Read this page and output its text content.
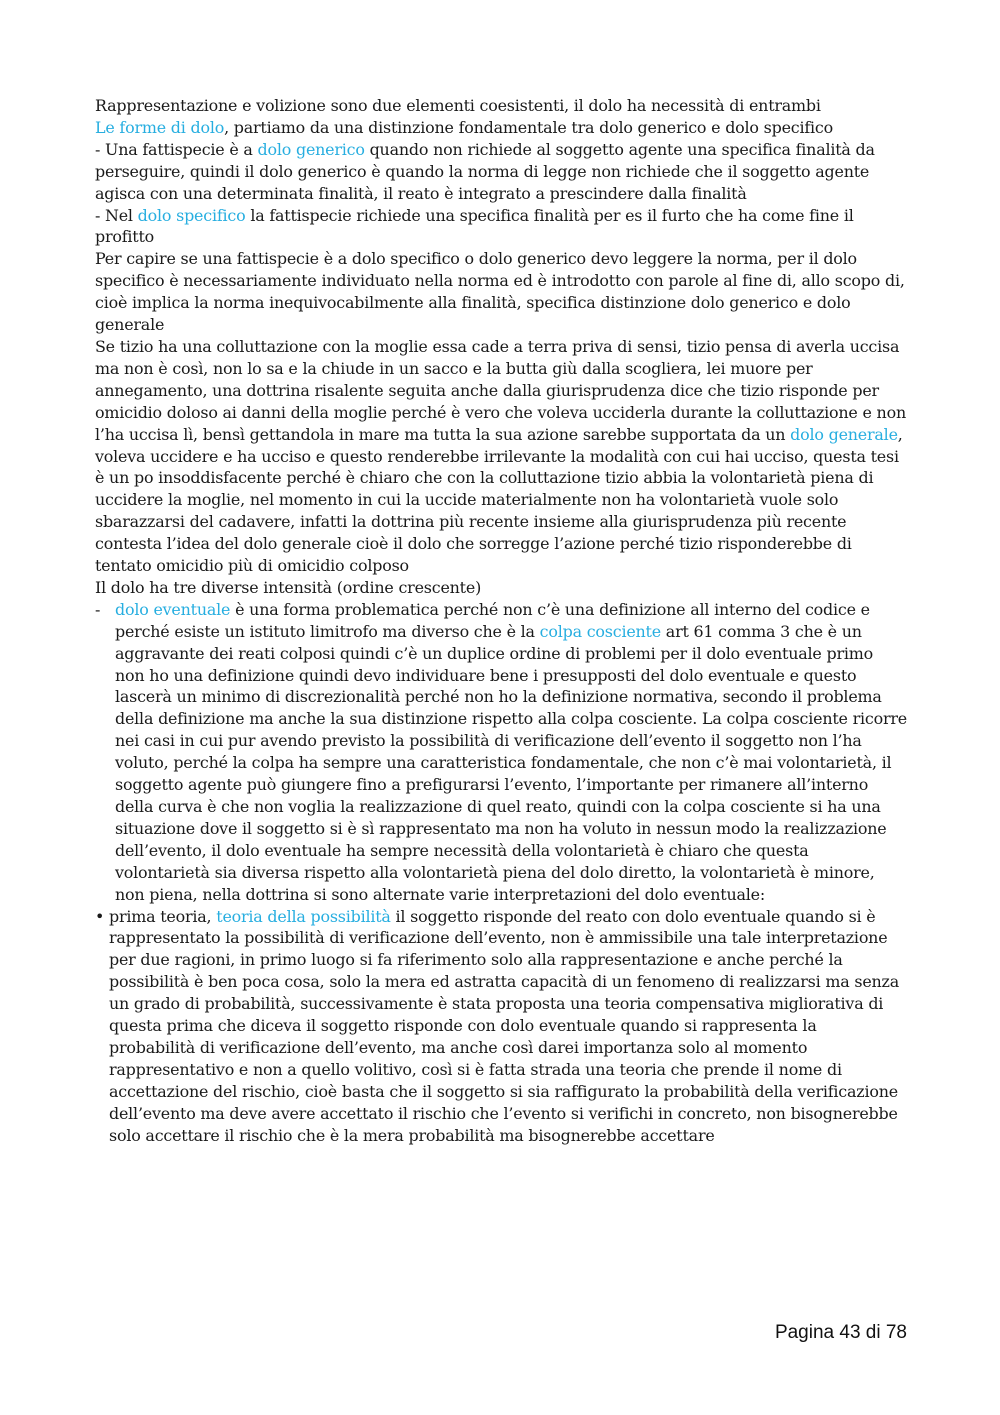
Rappresentazione e volizione sono due elementi coesistenti, il dolo ha necessità di entrambi

Le forme di dolo, partiamo da una distinzione fondamentale tra dolo generico e dolo specifico

- Una fattispecie è a dolo generico quando non richiede al soggetto agente una specifica finalità da perseguire, quindi il dolo generico è quando la norma di legge non richiede che il soggetto agente agisca con una determinata finalità, il reato è integrato a prescindere dalla finalità

- Nel dolo specifico la fattispecie richiede una specifica finalità per es il furto che ha come fine il profitto

Per capire se una fattispecie è a dolo specifico o dolo generico devo leggere la norma, per il dolo specifico è necessariamente individuato nella norma ed è introdotto con parole al fine di, allo scopo di, cioè implica la norma inequivocabilmente alla finalità, specifica distinzione dolo generico e dolo generale

Se tizio ha una colluttazione con la moglie essa cade a terra priva di sensi, tizio pensa di averla uccisa ma non è così, non lo sa e la chiude in un sacco e la butta giù dalla scogliera, lei muore per annegamento, una dottrina risalente seguita anche dalla giurisprudenza dice che tizio risponde per omicidio doloso ai danni della moglie perché è vero che voleva ucciderla durante la colluttazione e non l’ha uccisa lì, bensì gettandola in mare ma tutta la sua azione sarebbe supportata da un dolo generale, voleva uccidere e ha ucciso e questo renderebbe irrilevante la modalità con cui hai ucciso, questa tesi è un po insoddisfacente perché è chiaro che con la colluttazione tizio abbia la volontarietà piena di uccidere la moglie, nel momento in cui la uccide materialmente non ha volontarietà vuole solo sbarazzarsi del cadavere, infatti la dottrina più recente insieme alla giurisprudenza più recente contesta l’idea del dolo generale cioè il dolo che sorregge l’azione perché tizio risponderebbe di tentato omicidio più di omicidio colposo

Il dolo ha tre diverse intensità (ordine crescente)

- dolo eventuale è una forma problematica perché non c’è una definizione all interno del codice e perché esiste un istituto limitrofo ma diverso che è la colpa cosciente art 61 comma 3 che è un aggravante dei reati colposi quindi c’è un duplice ordine di problemi per il dolo eventuale primo non ho una definizione quindi devo individuare bene i presupposti del dolo eventuale e questo lascerà un minimo di discrezionalità perché non ho la definizione normativa, secondo il problema della definizione ma anche la sua distinzione rispetto alla colpa cosciente. La colpa cosciente ricorre nei casi in cui pur avendo previsto la possibilità di verificazione dell’evento il soggetto non l’ha voluto, perché la colpa ha sempre una caratteristica fondamentale, che non c’è mai volontarietà, il soggetto agente può giungere fino a prefigurarsi l’evento, l’importante per rimanere all’interno della curva è che non voglia la realizzazione di quel reato, quindi con la colpa cosciente si ha una situazione dove il soggetto si è sì rappresentato ma non ha voluto in nessun modo la realizzazione dell’evento, il dolo eventuale ha sempre necessità della volontarietà è chiaro che questa volontarietà sia diversa rispetto alla volontarietà piena del dolo diretto, la volontarietà è minore, non piena, nella dottrina si sono alternate varie interpretazioni del dolo eventuale:
• prima teoria, teoria della possibilità il soggetto risponde del reato con dolo eventuale quando si è rappresentato la possibilità di verificazione dell’evento, non è ammissibile una tale interpretazione per due ragioni, in primo luogo si fa riferimento solo alla rappresentazione e anche perché la possibilità è ben poca cosa, solo la mera ed astratta capacità di un fenomeno di realizzarsi ma senza un grado di probabilità, successivamente è stata proposta una teoria compensativa migliorativa di questa prima che diceva il soggetto risponde con dolo eventuale quando si rappresenta la probabilità di verificazione dell’evento, ma anche così darei importanza solo al momento rappresentativo e non a quello volitivo, così si è fatta strada una teoria che prende il nome di accettazione del rischio, cioè basta che il soggetto si sia raffigurato la probabilità della verificazione dell’evento ma deve avere accettato il rischio che l’evento si verifichi in concreto, non bisognerebbe solo accettare il rischio che è la mera probabilità ma bisognerebbe accettare
Pagina 43 di 78
